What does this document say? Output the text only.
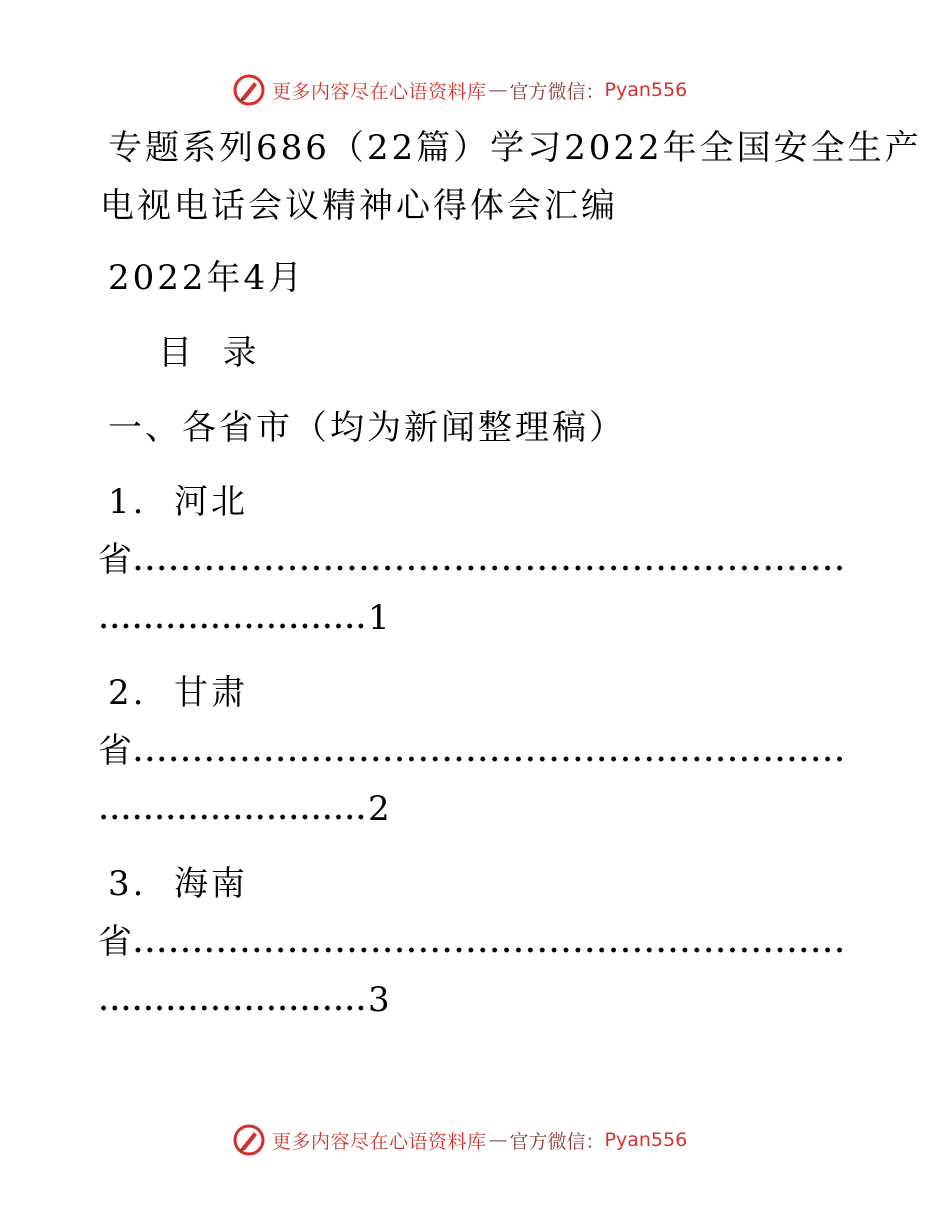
更多内容尽在心语资料库 — 官方微信： Pyan556
专题系列686（22篇）学习2022年全国安全生产
电视电话会议精神心得体会汇编
2022年4月
目  录
一、各省市（均为新闻整理稿）
1.  河北
省
1
2.  甘肃
省
2
3.  海南
省
3
更多内容尽在心语资料库 — 官方微信： Pyan556
